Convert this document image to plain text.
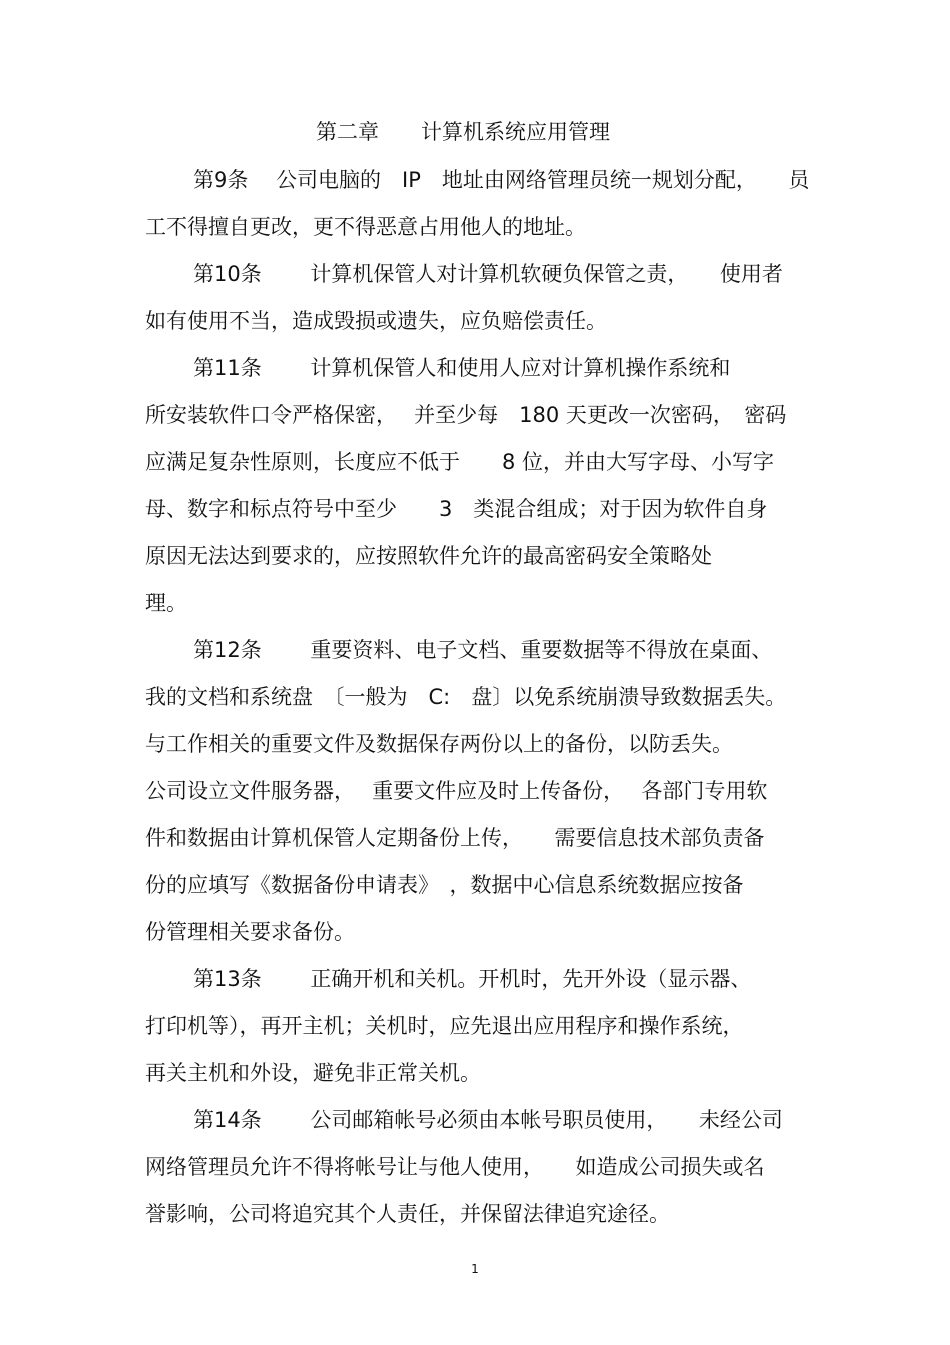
第二章　　计算机系统应用管理
第9条　 公司电脑的　IP　地址由网络管理员统一规划分配，　　员
工不得擅自更改，更不得恶意占用他人的地址。
第10条　　 计算机保管人对计算机软硬负保管之责，　　使用者
如有使用不当，造成毁损或遗失，应负赔偿责任。
第11条　　 计算机保管人和使用人应对计算机操作系统和
所安装软件口令严格保密，　 并至少每　180 天更改一次密码，　密码
应满足复杂性原则，长度应不低于　　8 位，并由大写字母、小写字
母、数字和标点符号中至少　　3　类混合组成；对于因为软件自身
原因无法达到要求的，应按照软件允许的最高密码安全策略处
理。
第12条　　 重要资料、电子文档、重要数据等不得放在桌面、
我的文档和系统盘　〔一般为　C:　盘〕以免系统崩溃导致数据丢失。
与工作相关的重要文件及数据保存两份以上的备份，以防丢失。
公司设立文件服务器，　 重要文件应及时上传备份，　 各部门专用软
件和数据由计算机保管人定期备份上传，　　需要信息技术部负责备
份的应填写《数据备份申请表》　，数据中心信息系统数据应按备
份管理相关要求备份。
第13条　　 正确开机和关机。开机时，先开外设（显示器、
打印机等），再开主机；关机时，应先退出应用程序和操作系统，
再关主机和外设，避免非正常关机。
第14条　　 公司邮箱帐号必须由本帐号职员使用，　　未经公司
网络管理员允许不得将帐号让与他人使用，　　如造成公司损失或名
誉影响，公司将追究其个人责任，并保留法律追究途径。
1
